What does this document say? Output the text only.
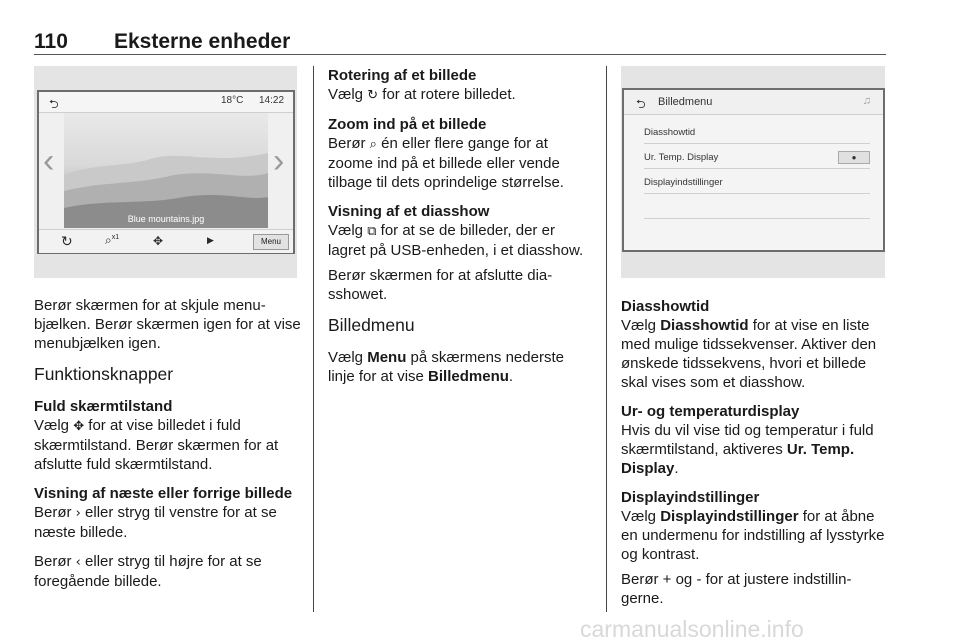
110 Eksterne enheder
⮌	18°C 14:22
‹
Blue mountains.jpg
›
↻	⌕$^{x1}$	✥	▶	Menu
⮌ Billedmenu	♫
Diasshowtid
Ur. Temp. Display	●
Displayindstillinger

Berør skærmen for at skjule menubjælken. Berør skærmen igen for at vise menubjælken igen.

Funktionsknapper
Fuld skærmtilstand

Vælg ✥ for at vise billedet i fuld skærmtilstand. Berør skærmen for at afslutte fuld skærmtilstand.

Visning af næste eller forrige billede

Berør › eller stryg til venstre for at se næste billede.

Berør ‹ eller stryg til højre for at se foregående billede.

Rotering af et billede

Vælg ↻ for at rotere billedet.

Zoom ind på et billede

Berør ⌕ én eller flere gange for at zoome ind på et billede eller vende tilbage til dets oprindelige størrelse.

Visning af et diasshow

Vælg ⧉ for at se de billeder, der er lagret på USB-enheden, i et diasshow.

Berør skærmen for at afslutte diasshowet.

Billedmenu

Vælg Menu på skærmens nederste linje for at vise Billedmenu.

Diasshowtid

Vælg Diasshowtid for at vise en liste med mulige tidssekvenser. Aktiver den ønskede tidssekvens, hvori et billede skal vises som et diasshow.

Ur- og temperaturdisplay

Hvis du vil vise tid og temperatur i fuld skærmtilstand, aktiveres Ur. Temp. Display.

Displayindstillinger

Vælg Displayindstillinger for at åbne en undermenu for indstilling af lysstyrke og kontrast.

Berør + og - for at justere indstillingerne.

carmanualsonline.info
